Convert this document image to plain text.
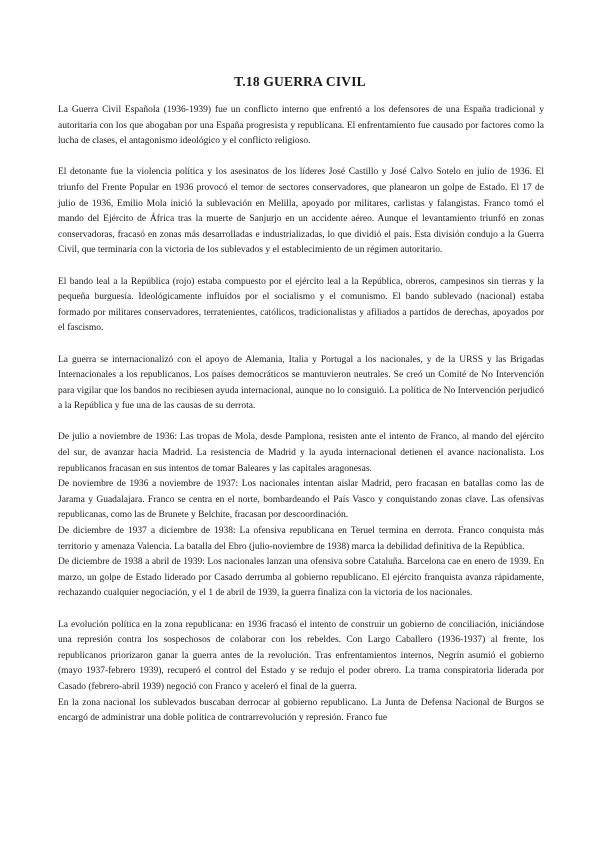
T.18 GUERRA CIVIL

La Guerra Civil Española (1936-1939) fue un conflicto interno que enfrentó a los defensores de una España tradicional y autoritaria con los que abogaban por una España progresista y republicana. El enfrentamiento fue causado por factores como la lucha de clases, el antagonismo ideológico y el conflicto religioso.

El detonante fue la violencia política y los asesinatos de los líderes José Castillo y José Calvo Sotelo en julio de 1936. El triunfo del Frente Popular en 1936 provocó el temor de sectores conservadores, que planearon un golpe de Estado. El 17 de julio de 1936, Emilio Mola inició la sublevación en Melilla, apoyado por militares, carlistas y falangistas. Franco tomó el mando del Ejército de África tras la muerte de Sanjurjo en un accidente aéreo. Aunque el levantamiento triunfó en zonas conservadoras, fracasó en zonas más desarrolladas e industrializadas, lo que dividió el país. Esta división condujo a la Guerra Civil, que terminaría con la victoria de los sublevados y el establecimiento de un régimen autoritario.

El bando leal a la República (rojo) estaba compuesto por el ejército leal a la República, obreros, campesinos sin tierras y la pequeña burguesía. Ideológicamente influidos por el socialismo y el comunismo. El bando sublevado (nacional) estaba formado por militares conservadores, terratenientes, católicos, tradicionalistas y afiliados a partidos de derechas, apoyados por el fascismo.

La guerra se internacionalizó con el apoyo de Alemania, Italia y Portugal a los nacionales, y de la URSS y las Brigadas Internacionales a los republicanos. Los países democráticos se mantuvieron neutrales. Se creó un Comité de No Intervención para vigilar que los bandos no recibiesen ayuda internacional, aunque no lo consiguió. La política de No Intervención perjudicó a la República y fue una de las causas de su derrota.

De julio a noviembre de 1936: Las tropas de Mola, desde Pamplona, resisten ante el intento de Franco, al mando del ejército del sur, de avanzar hacia Madrid. La resistencia de Madrid y la ayuda internacional detienen el avance nacionalista. Los republicanos fracasan en sus intentos de tomar Baleares y las capitales aragonesas.

De noviembre de 1936 a noviembre de 1937: Los nacionales intentan aislar Madrid, pero fracasan en batallas como las de Jarama y Guadalajara. Franco se centra en el norte, bombardeando el País Vasco y conquistando zonas clave. Las ofensivas republicanas, como las de Brunete y Belchite, fracasan por descoordinación.

De diciembre de 1937 a diciembre de 1938: La ofensiva republicana en Teruel termina en derrota. Franco conquista más territorio y amenaza Valencia. La batalla del Ebro (julio-noviembre de 1938) marca la debilidad definitiva de la República.

De diciembre de 1938 a abril de 1939: Los nacionales lanzan una ofensiva sobre Cataluña. Barcelona cae en enero de 1939. En marzo, un golpe de Estado liderado por Casado derrumba al gobierno republicano. El ejército franquista avanza rápidamente, rechazando cualquier negociación, y el 1 de abril de 1939, la guerra finaliza con la victoria de los nacionales.

La evolución política en la zona republicana: en 1936 fracasó el intento de construir un gobierno de conciliación, iniciándose una represión contra los sospechosos de colaborar con los rebeldes. Con Largo Caballero (1936-1937) al frente, los republicanos priorizaron ganar la guerra antes de la revolución. Tras enfrentamientos internos, Negrín asumió el gobierno (mayo 1937-febrero 1939), recuperó el control del Estado y se redujo el poder obrero. La trama conspiratoria liderada por Casado (febrero-abril 1939) negoció con Franco y aceleró el final de la guerra.

En la zona nacional los sublevados buscaban derrocar al gobierno republicano. La Junta de Defensa Nacional de Burgos se encargó de administrar una doble política de contrarrevolución y represión. Franco fue
